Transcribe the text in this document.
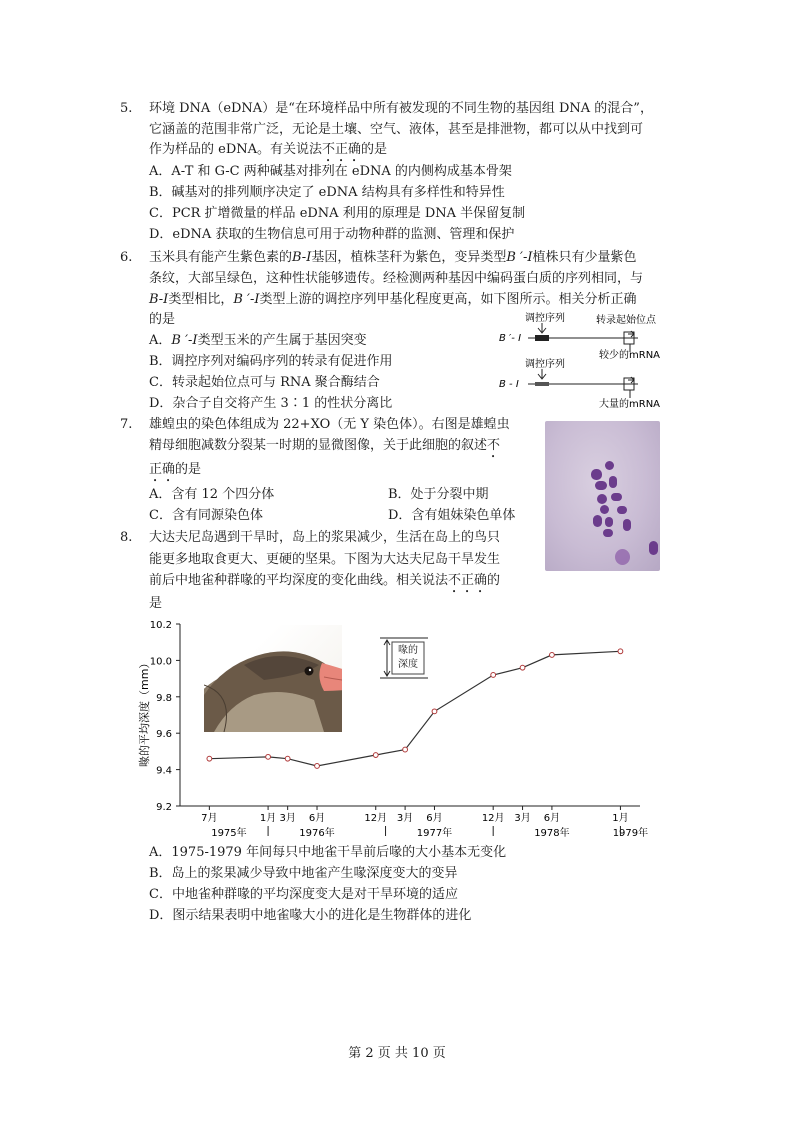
5. 环境 DNA（eDNA）是“在环境样品中所有被发现的不同生物的基因组 DNA 的混合”，
它涵盖的范围非常广泛，无论是土壤、空气、液体，甚至是排泄物，都可以从中找到可
作为样品的 eDNA。有关说法不正确的是
A．A-T 和 G-C 两种碱基对排列在 eDNA 的内侧构成基本骨架
B．碱基对的排列顺序决定了 eDNA 结构具有多样性和特异性
C．PCR 扩增微量的样品 eDNA 利用的原理是 DNA 半保留复制
D．eDNA 获取的生物信息可用于动物种群的监测、管理和保护
6. 玉米具有能产生紫色素的B-I基因，植株茎秆为紫色，变异类型B ′-I植株只有少量紫色
条纹，大部呈绿色，这种性状能够遗传。经检测两种基因中编码蛋白质的序列相同，与
B-I类型相比，B ′-I类型上游的调控序列甲基化程度更高，如下图所示。相关分析正确
的是
A．B ′-I类型玉米的产生属于基因突变
B．调控序列对编码序列的转录有促进作用
C．转录起始位点可与 RNA 聚合酶结合
D．杂合子自交将产生 3∶1 的性状分离比
B ′- I
调控序列	转录起始位点
较少的mRNA
调控序列
B - I
大量的mRNA
7. 雄蝗虫的染色体组成为 22+XO（无 Y 染色体）。右图是雄蝗虫
精母细胞减数分裂某一时期的显微图像，关于此细胞的叙述不
正确的是
A．含有 12 个四分体	B．处于分裂中期
C．含有同源染色体	D．含有姐妹染色单体
8. 大达夫尼岛遇到干旱时，岛上的浆果减少，生活在岛上的鸟只
能更多地取食更大、更硬的坚果。下图为大达夫尼岛干旱发生
前后中地雀种群喙的平均深度的变化曲线。相关说法不正确的
是
9.2
9.4
9.6
9.8
10.0
10.2
7月	1月 3月 6月	12月 3月 6月	12月 3月 6月	1月
1975年	1976年	1977年	1978年	1979年
喙的平均深度（mm）
喙的深度
A．1975-1979 年间每只中地雀干旱前后喙的大小基本无变化
B．岛上的浆果减少导致中地雀产生喙深度变大的变异
C．中地雀种群喙的平均深度变大是对干旱环境的适应
D．图示结果表明中地雀喙大小的进化是生物群体的进化
第 2 页 共 10 页
